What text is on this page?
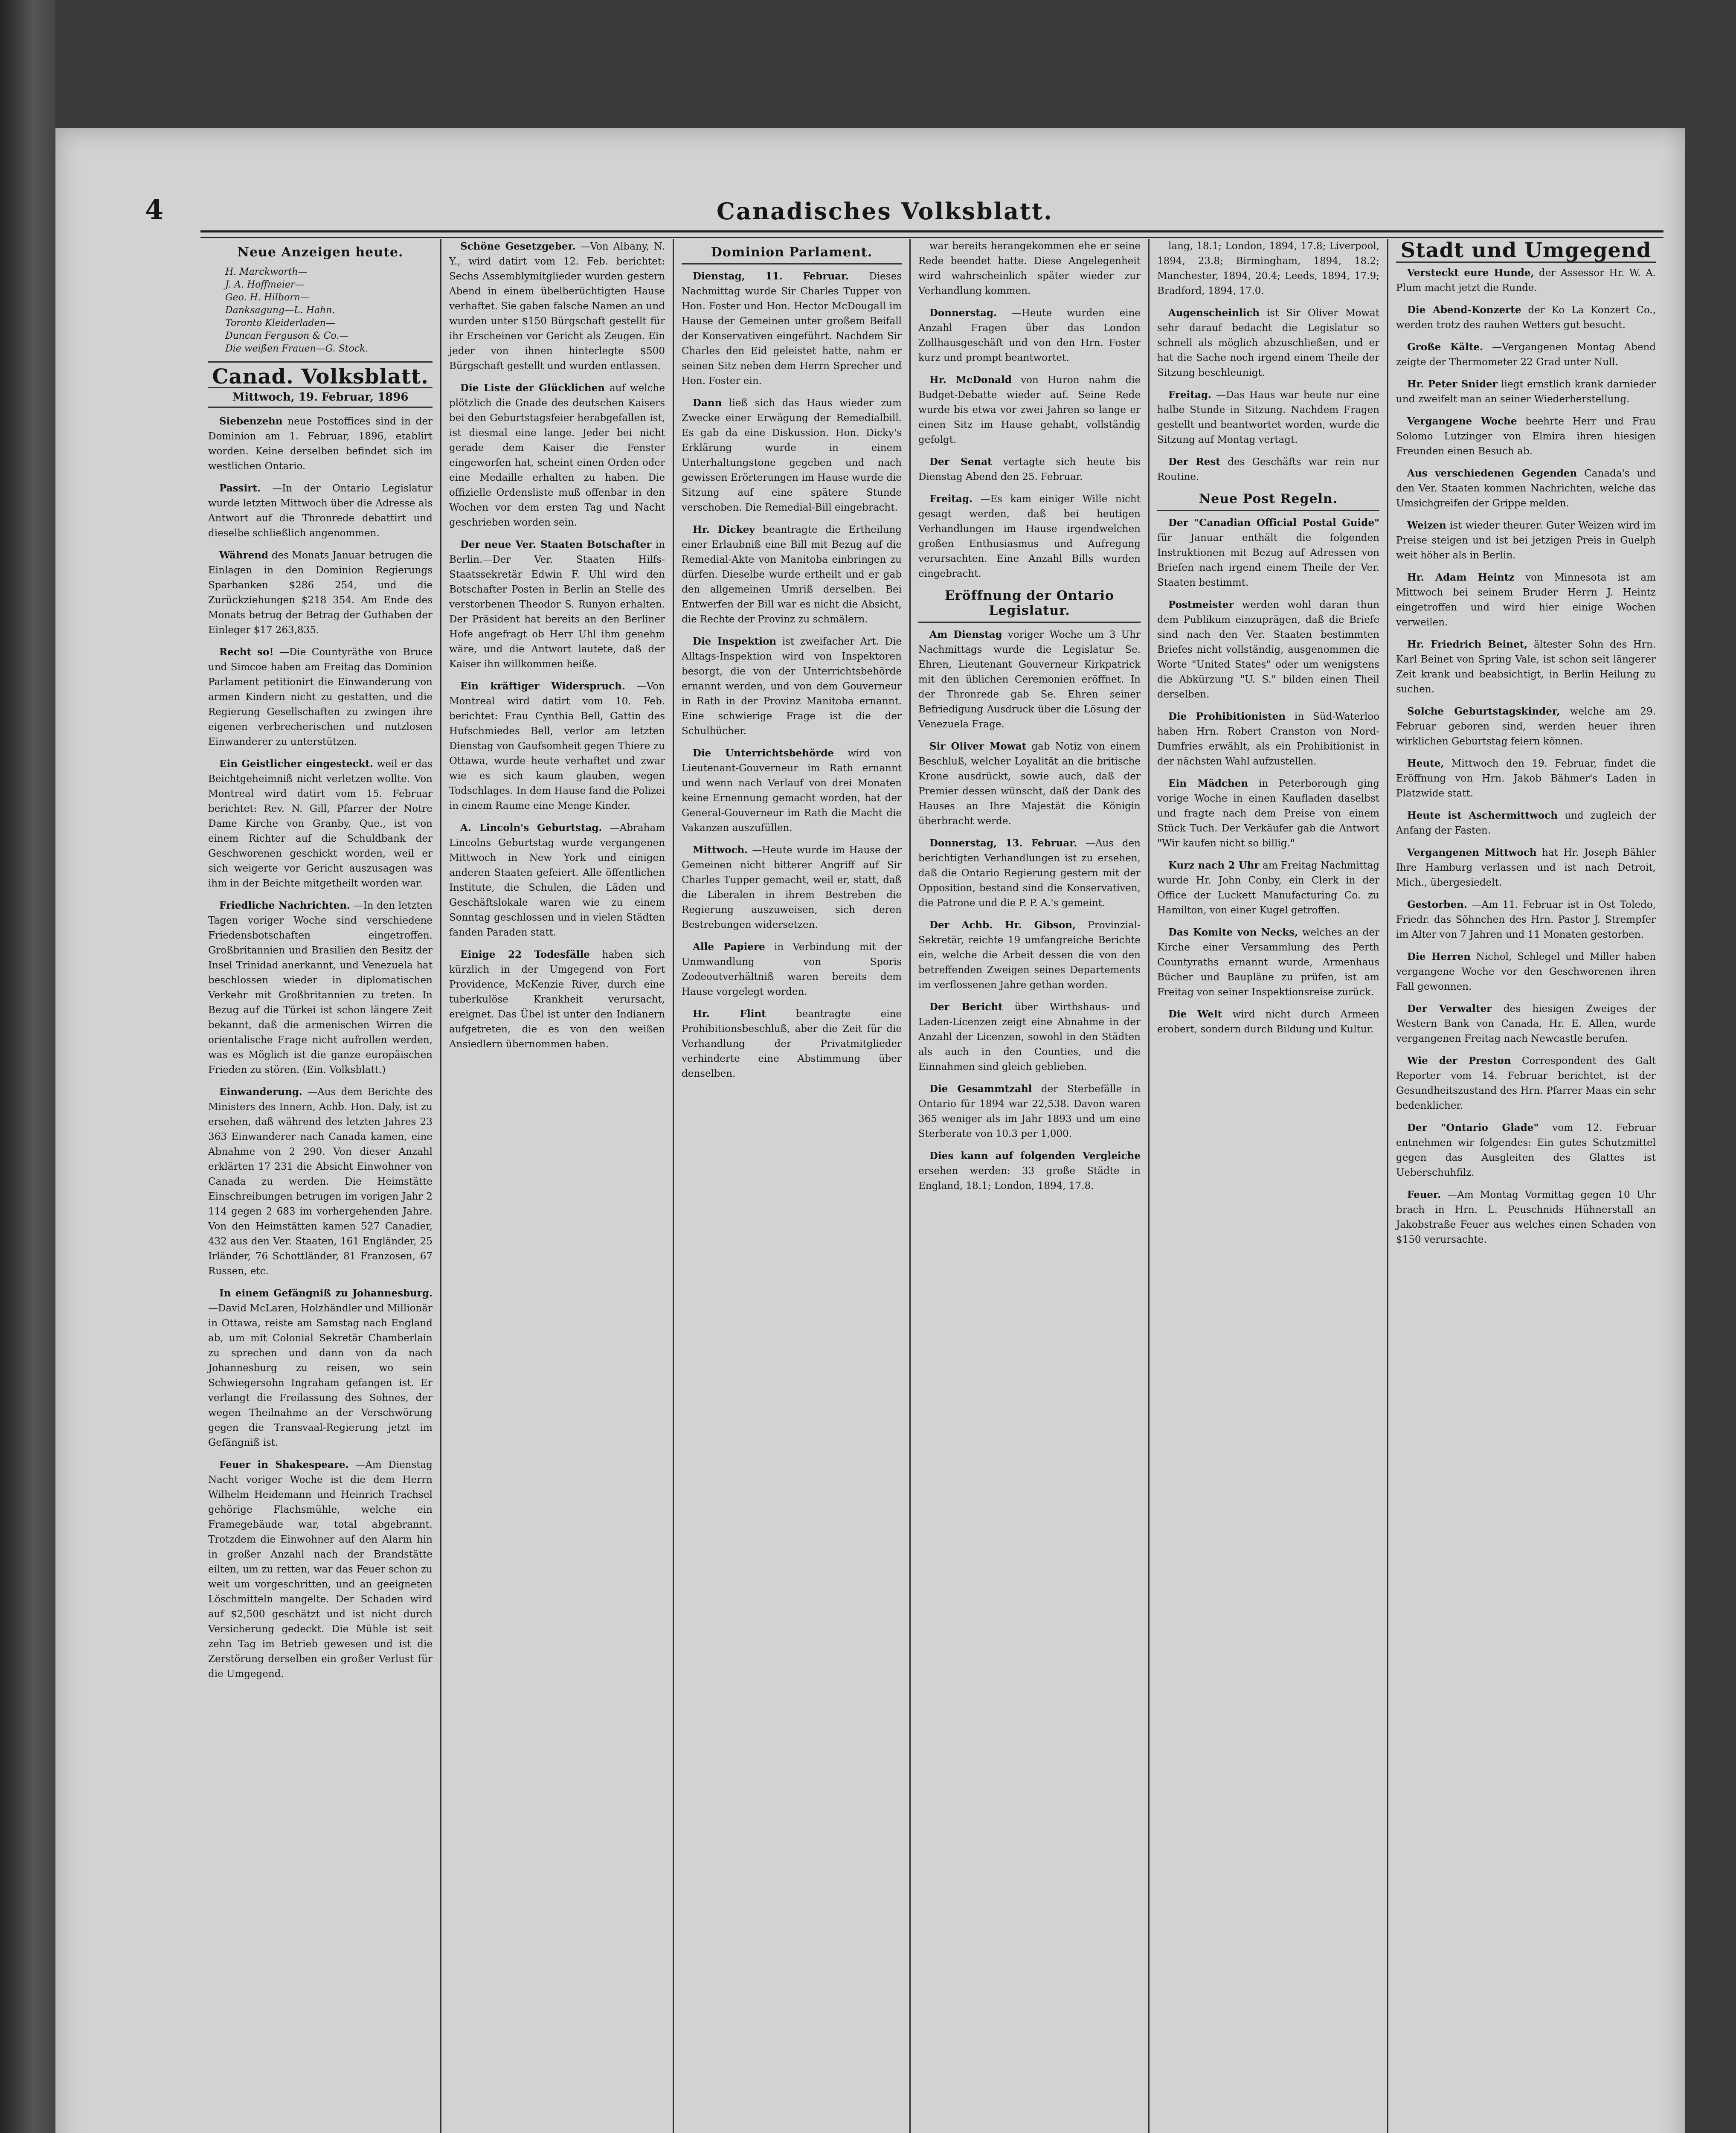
4	Canadisches Volksblatt.
Neue Anzeigen heute.
H. Marckworth—
J. A. Hoffmeier—
Geo. H. Hilborn—
Danksagung—L. Hahn.
Toronto Kleiderladen—
Duncan Ferguson & Co.—
Die weißen Frauen—G. Stock.
Canad. Volksblatt.
Mittwoch, 19. Februar, 1896

Siebenzehn neue Postoffices sind in der Dominion am 1. Februar, 1896, etablirt worden. Keine derselben befindet sich im westlichen Ontario.

Passirt. —In der Ontario Legislatur wurde letzten Mittwoch über die Adresse als Antwort auf die Thronrede debattirt und dieselbe schließlich angenommen.

Während des Monats Januar betrugen die Einlagen in den Dominion Regierungs Sparbanken $286 254, und die Zurückziehungen $218 354. Am Ende des Monats betrug der Betrag der Guthaben der Einleger $17 263,835.

Recht so! —Die Countyräthe von Bruce und Simcoe haben am Freitag das Dominion Parlament petitionirt die Einwanderung von armen Kindern nicht zu gestatten, und die Regierung Gesellschaften zu zwingen ihre eigenen verbrecherischen und nutzlosen Einwanderer zu unterstützen.

Ein Geistlicher eingesteckt. weil er das Beichtgeheimniß nicht verletzen wollte. Von Montreal wird datirt vom 15. Februar berichtet: Rev. N. Gill, Pfarrer der Notre Dame Kirche von Granby, Que., ist von einem Richter auf die Schuldbank der Geschworenen geschickt worden, weil er sich weigerte vor Gericht auszusagen was ihm in der Beichte mitgetheilt worden war.

Friedliche Nachrichten. —In den letzten Tagen voriger Woche sind verschiedene Friedensbotschaften eingetroffen. Großbritannien und Brasilien den Besitz der Insel Trinidad anerkannt, und Venezuela hat beschlossen wieder in diplomatischen Verkehr mit Großbritannien zu treten. In Bezug auf die Türkei ist schon längere Zeit bekannt, daß die armenischen Wirren die orientalische Frage nicht aufrollen werden, was es Möglich ist die ganze europäischen Frieden zu stören. (Ein. Volksblatt.)

Einwanderung. —Aus dem Berichte des Ministers des Innern, Achb. Hon. Daly, ist zu ersehen, daß während des letzten Jahres 23 363 Einwanderer nach Canada kamen, eine Abnahme von 2 290. Von dieser Anzahl erklärten 17 231 die Absicht Einwohner von Canada zu werden. Die Heimstätte Einschreibungen betrugen im vorigen Jahr 2 114 gegen 2 683 im vorhergehenden Jahre. Von den Heimstätten kamen 527 Canadier, 432 aus den Ver. Staaten, 161 Engländer, 25 Irländer, 76 Schottländer, 81 Franzosen, 67 Russen, etc.

In einem Gefängniß zu Johannesburg. —David McLaren, Holzhändler und Millionär in Ottawa, reiste am Samstag nach England ab, um mit Colonial Sekretär Chamberlain zu sprechen und dann von da nach Johannesburg zu reisen, wo sein Schwiegersohn Ingraham gefangen ist. Er verlangt die Freilassung des Sohnes, der wegen Theilnahme an der Verschwörung gegen die Transvaal-Regierung jetzt im Gefängniß ist.

Feuer in Shakespeare. —Am Dienstag Nacht voriger Woche ist die dem Herrn Wilhelm Heidemann und Heinrich Trachsel gehörige Flachsmühle, welche ein Framegebäude war, total abgebrannt. Trotzdem die Einwohner auf den Alarm hin in großer Anzahl nach der Brandstätte eilten, um zu retten, war das Feuer schon zu weit um vorgeschritten, und an geeigneten Löschmitteln mangelte. Der Schaden wird auf $2,500 geschätzt und ist nicht durch Versicherung gedeckt. Die Mühle ist seit zehn Tag im Betrieb gewesen und ist die Zerstörung derselben ein großer Verlust für die Umgegend.

Schöne Gesetzgeber. —Von Albany, N. Y., wird datirt vom 12. Feb. berichtet: Sechs Assemblymitglieder wurden gestern Abend in einem übelberüchtigten Hause verhaftet. Sie gaben falsche Namen an und wurden unter $150 Bürgschaft gestellt für ihr Erscheinen vor Gericht als Zeugen. Ein jeder von ihnen hinterlegte $500 Bürgschaft gestellt und wurden entlassen.

Die Liste der Glücklichen auf welche plötzlich die Gnade des deutschen Kaisers bei den Geburtstagsfeier herabgefallen ist, ist diesmal eine lange. Jeder bei nicht gerade dem Kaiser die Fenster eingeworfen hat, scheint einen Orden oder eine Medaille erhalten zu haben. Die offizielle Ordensliste muß offenbar in den Wochen vor dem ersten Tag und Nacht geschrieben worden sein.

Der neue Ver. Staaten Botschafter in Berlin.—Der Ver. Staaten Hilfs-Staatssekretär Edwin F. Uhl wird den Botschafter Posten in Berlin an Stelle des verstorbenen Theodor S. Runyon erhalten. Der Präsident hat bereits an den Berliner Hofe angefragt ob Herr Uhl ihm genehm wäre, und die Antwort lautete, daß der Kaiser ihn willkommen heiße.

Ein kräftiger Widerspruch. —Von Montreal wird datirt vom 10. Feb. berichtet: Frau Cynthia Bell, Gattin des Hufschmiedes Bell, verlor am letzten Dienstag von Gaufsomheit gegen Thiere zu Ottawa, wurde heute verhaftet und zwar wie es sich kaum glauben, wegen Todschlages. In dem Hause fand die Polizei in einem Raume eine Menge Kinder.

A. Lincoln's Geburtstag. —Abraham Lincolns Geburtstag wurde vergangenen Mittwoch in New York und einigen anderen Staaten gefeiert. Alle öffentlichen Institute, die Schulen, die Läden und Geschäftslokale waren wie zu einem Sonntag geschlossen und in vielen Städten fanden Paraden statt.

Einige 22 Todesfälle haben sich kürzlich in der Umgegend von Fort Providence, McKenzie River, durch eine tuberkulöse Krankheit verursacht, ereignet. Das Übel ist unter den Indianern aufgetreten, die es von den weißen Ansiedlern übernommen haben.

Dominion Parlament.

Dienstag, 11. Februar. Dieses Nachmittag wurde Sir Charles Tupper von Hon. Foster und Hon. Hector McDougall im Hause der Gemeinen unter großem Beifall der Konservativen eingeführt. Nachdem Sir Charles den Eid geleistet hatte, nahm er seinen Sitz neben dem Herrn Sprecher und Hon. Foster ein.

Dann ließ sich das Haus wieder zum Zwecke einer Erwägung der Remedialbill. Es gab da eine Diskussion. Hon. Dicky's Erklärung wurde in einem Unterhaltungstone gegeben und nach gewissen Erörterungen im Hause wurde die Sitzung auf eine spätere Stunde verschoben. Die Remedial-Bill eingebracht.

Hr. Dickey beantragte die Ertheilung einer Erlaubniß eine Bill mit Bezug auf die Remedial-Akte von Manitoba einbringen zu dürfen. Dieselbe wurde ertheilt und er gab den allgemeinen Umriß derselben. Bei Entwerfen der Bill war es nicht die Absicht, die Rechte der Provinz zu schmälern.

Die Inspektion ist zweifacher Art. Die Alltags-Inspektion wird von Inspektoren besorgt, die von der Unterrichtsbehörde ernannt werden, und von dem Gouverneur in Rath in der Provinz Manitoba ernannt. Eine schwierige Frage ist die der Schulbücher.

Die Unterrichtsbehörde wird von Lieutenant-Gouverneur im Rath ernannt und wenn nach Verlauf von drei Monaten keine Ernennung gemacht worden, hat der General-Gouverneur im Rath die Macht die Vakanzen auszufüllen.

Mittwoch. —Heute wurde im Hause der Gemeinen nicht bitterer Angriff auf Sir Charles Tupper gemacht, weil er, statt, daß die Liberalen in ihrem Bestreben die Regierung auszuweisen, sich deren Bestrebungen widersetzen.

Alle Papiere in Verbindung mit der Unmwandlung von Sporis Zodeoutverhältniß waren bereits dem Hause vorgelegt worden.

Hr. Flint	beantragte eine Prohibitionsbeschluß, aber die Zeit für die Verhandlung der Privatmitglieder verhinderte eine Abstimmung über denselben.

war bereits herangekommen ehe er seine Rede beendet hatte. Diese Angelegenheit wird wahrscheinlich später wieder zur Verhandlung kommen.

Donnerstag. —Heute wurden eine Anzahl Fragen über das London Zollhausgeschäft und von den Hrn. Foster kurz und prompt beantwortet.

Hr. McDonald von Huron nahm die Budget-Debatte wieder auf. Seine Rede wurde bis etwa vor zwei Jahren so lange er einen Sitz im Hause gehabt, vollständig gefolgt.

Der Senat vertagte sich heute bis Dienstag Abend den 25. Februar.

Freitag. —Es kam einiger Wille nicht gesagt werden, daß bei heutigen Verhandlungen im Hause irgendwelchen großen Enthusiasmus und Aufregung verursachten. Eine Anzahl Bills wurden eingebracht.

Eröffnung der Ontario Legislatur.

Am Dienstag voriger Woche um 3 Uhr Nachmittags wurde die Legislatur Se. Ehren, Lieutenant Gouverneur Kirkpatrick mit den üblichen Ceremonien eröffnet. In der Thronrede gab Se. Ehren seiner Befriedigung Ausdruck über die Lösung der Venezuela Frage.

Sir Oliver Mowat gab Notiz von einem Beschluß, welcher Loyalität an die britische Krone ausdrückt, sowie auch, daß der Premier dessen wünscht, daß der Dank des Hauses an Ihre Majestät die Königin überbracht werde.

Donnerstag, 13. Februar. —Aus den berichtigten Verhandlungen ist zu ersehen, daß die Ontario Regierung gestern mit der Opposition, bestand sind die Konservativen, die Patrone und die P. P. A.'s gemeint.

Der Achb. Hr. Gibson, Provinzial-Sekretär, reichte 19 umfangreiche Berichte ein, welche die Arbeit dessen die von den betreffenden Zweigen seines Departements im verflossenen Jahre gethan worden.

Der Bericht über Wirthshaus- und Laden-Licenzen zeigt eine Abnahme in der Anzahl der Licenzen, sowohl in den Städten als auch in den Counties, und die Einnahmen sind gleich geblieben.

Die Gesammtzahl der Sterbefälle in Ontario für 1894 war 22,538. Davon waren 365 weniger als im Jahr 1893 und um eine Sterberate von 10.3 per 1,000.

Dies kann auf folgenden Vergleiche ersehen werden: 33 große Städte in England, 18.1; London, 1894, 17.8.

lang, 18.1; London, 1894, 17.8; Liverpool, 1894, 23.8; Birmingham, 1894, 18.2; Manchester, 1894, 20.4; Leeds, 1894, 17.9; Bradford, 1894, 17.0.

Augenscheinlich ist Sir Oliver Mowat sehr darauf bedacht die Legislatur so schnell als möglich abzuschließen, und er hat die Sache noch irgend einem Theile der Sitzung beschleunigt.

Freitag. —Das Haus war heute nur eine halbe Stunde in Sitzung. Nachdem Fragen gestellt und beantwortet worden, wurde die Sitzung auf Montag vertagt.

Der Rest des Geschäfts war rein nur Routine.

Neue Post Regeln.

Der "Canadian Official Postal Guide" für Januar enthält die folgenden Instruktionen mit Bezug auf Adressen von Briefen nach irgend einem Theile der Ver. Staaten bestimmt.

Postmeister werden wohl daran thun dem Publikum einzuprägen, daß die Briefe sind nach den Ver. Staaten bestimmten Briefes nicht vollständig, ausgenommen die Worte "United States" oder um wenigstens die Abkürzung "U. S." bilden einen Theil derselben.

Die Prohibitionisten in Süd-Waterloo haben Hrn. Robert Cranston von Nord-Dumfries erwählt, als ein Prohibitionist in der nächsten Wahl aufzustellen.

Ein Mädchen in Peterborough ging vorige Woche in einen Kaufladen daselbst und fragte nach dem Preise von einem Stück Tuch. Der Verkäufer gab die Antwort "Wir kaufen nicht so billig."

Kurz nach 2 Uhr am Freitag Nachmittag wurde Hr. John Conby, ein Clerk in der Office der Luckett Manufacturing Co. zu Hamilton, von einer Kugel getroffen.

Das Komite von Necks, welches an der Kirche einer Versammlung des Perth Countyraths ernannt wurde, Armenhaus Bücher und Baupläne zu prüfen, ist am Freitag von seiner Inspektionsreise zurück.

Die Welt wird nicht durch Armeen erobert, sondern durch Bildung und Kultur.

Stadt und Umgegend

Versteckt eure Hunde, der Assessor Hr. W. A. Plum macht jetzt die Runde.

Die Abend-Konzerte der Ko La Konzert Co., werden trotz des rauhen Wetters gut besucht.

Große Kälte. —Vergangenen Montag Abend zeigte der Thermometer 22 Grad unter Null.

Hr. Peter Snider liegt ernstlich krank darnieder und zweifelt man an seiner Wiederherstellung.

Vergangene Woche beehrte Herr und Frau Solomo Lutzinger von Elmira ihren hiesigen Freunden einen Besuch ab.

Aus verschiedenen Gegenden Canada's und den Ver. Staaten kommen Nachrichten, welche das Umsichgreifen der Grippe melden.

Weizen ist wieder theurer. Guter Weizen wird im Preise steigen und ist bei jetzigen Preis in Guelph weit höher als in Berlin.

Hr. Adam Heintz von Minnesota ist am Mittwoch bei seinem Bruder Herrn J. Heintz eingetroffen und wird hier einige Wochen verweilen.

Hr. Friedrich Beinet, ältester Sohn des Hrn. Karl Beinet von Spring Vale, ist schon seit längerer Zeit krank und beabsichtigt, in Berlin Heilung zu suchen.

Solche Geburtstagskinder, welche am 29. Februar geboren sind, werden heuer ihren wirklichen Geburtstag feiern können.

Heute, Mittwoch den 19. Februar, findet die Eröffnung von Hrn. Jakob Bähmer's Laden in Platzwide statt.

Heute ist Aschermittwoch und zugleich der Anfang der Fasten.

Vergangenen Mittwoch hat Hr. Joseph Bähler Ihre Hamburg verlassen und ist nach Detroit, Mich., übergesiedelt.

Gestorben. —Am 11. Februar ist in Ost Toledo, Friedr. das Söhnchen des Hrn. Pastor J. Strempfer im Alter von 7 Jahren und 11 Monaten gestorben.

Die Herren Nichol, Schlegel und Miller haben vergangene Woche vor den Geschworenen ihren Fall gewonnen.

Der Verwalter des hiesigen Zweiges der Western Bank von Canada, Hr. E. Allen, wurde vergangenen Freitag nach Newcastle berufen.

Wie der Preston Correspondent des Galt Reporter vom 14. Februar berichtet, ist der Gesundheitszustand des Hrn. Pfarrer Maas ein sehr bedenklicher.

Der "Ontario Glade" vom 12. Februar entnehmen wir folgendes: Ein gutes Schutzmittel gegen das Ausgleiten des Glattes ist Ueberschuhfilz.

Feuer. —Am Montag Vormittag gegen 10 Uhr brach in Hrn. L. Peuschnids Hühnerstall an Jakobstraße Feuer aus welches einen Schaden von $150 verursachte.
